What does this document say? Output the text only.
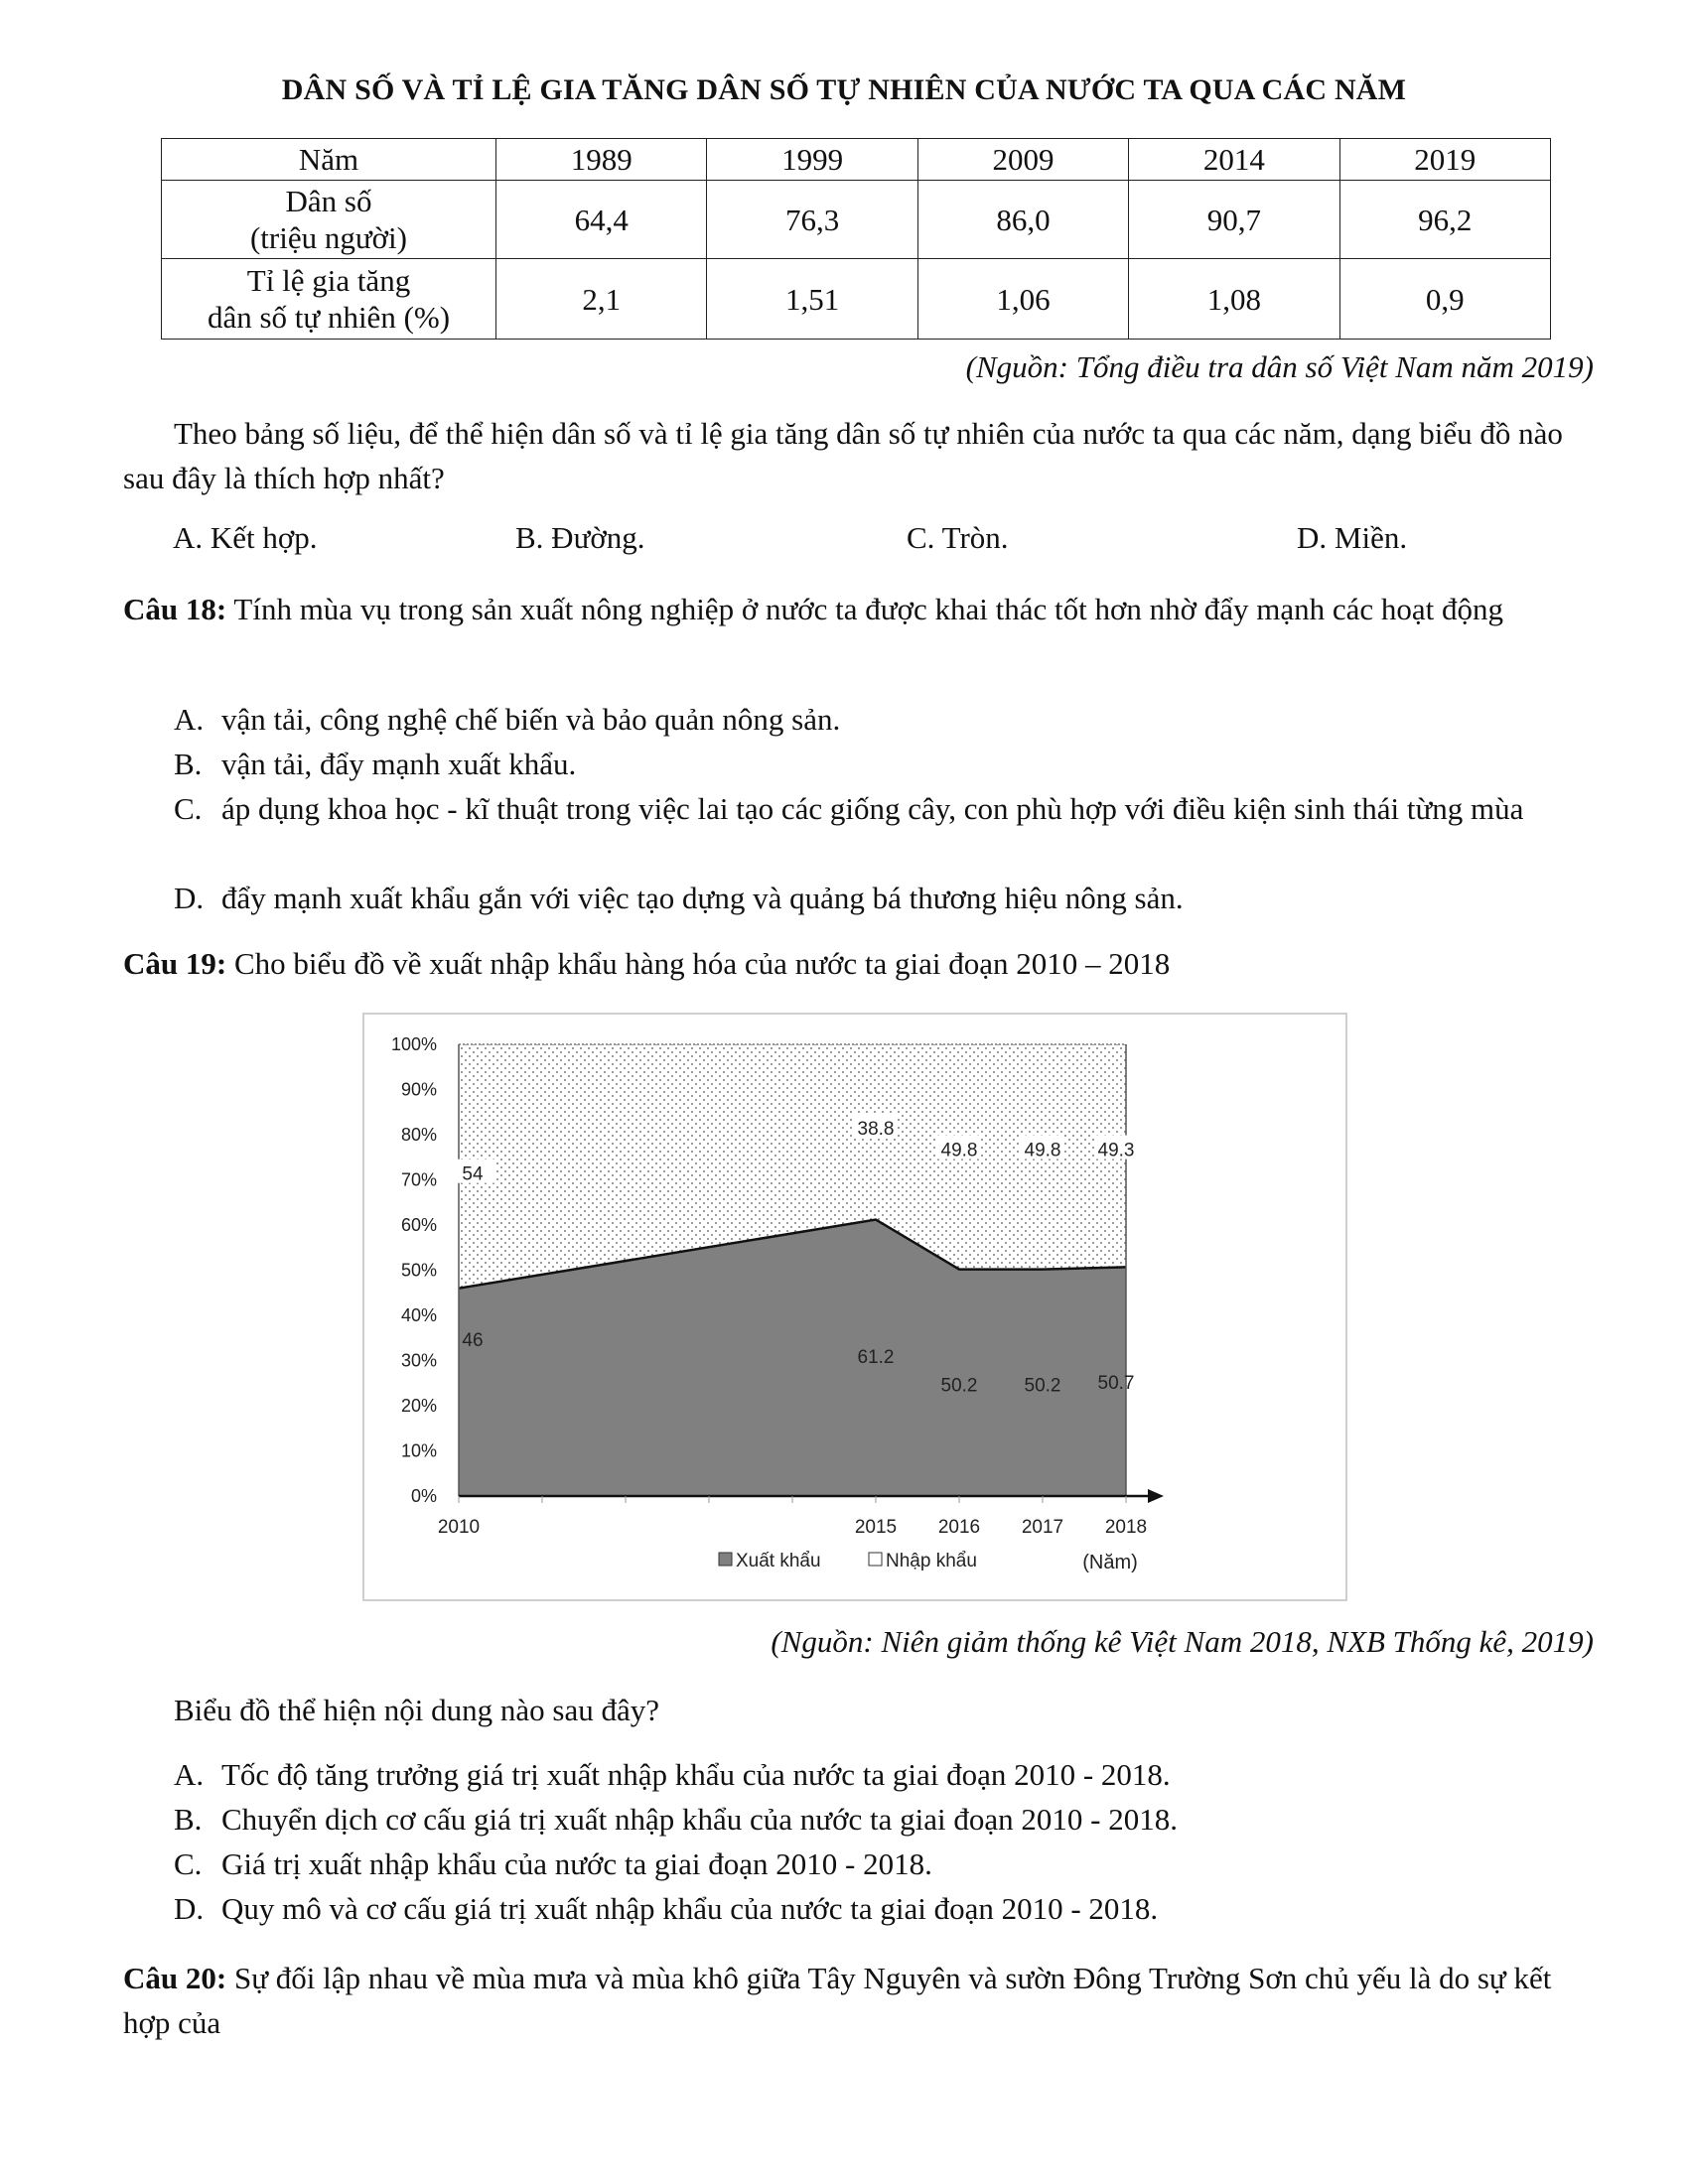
DÂN SỐ VÀ TỈ LỆ GIA TĂNG DÂN SỐ TỰ NHIÊN CỦA NƯỚC TA QUA CÁC NĂM
Năm	1989	1999	2009	2014	2019
Dân số
(triệu người)	64,4	76,3	86,0	90,7	96,2
Tỉ lệ gia tăng
dân số tự nhiên (%)	2,1	1,51	1,06	1,08	0,9

(Nguồn: Tổng điều tra dân số Việt Nam năm 2019)

Theo bảng số liệu, để thể hiện dân số và tỉ lệ gia tăng dân số tự nhiên của nước ta qua các năm, dạng biểu đồ nào sau đây là thích hợp nhất?

A. Kết hợp.	B. Đường.	C. Tròn.	D. Miền.

Câu 18: Tính mùa vụ trong sản xuất nông nghiệp ở nước ta được khai thác tốt hơn nhờ đẩy mạnh các hoạt động

A. vận tải, công nghệ chế biến và bảo quản nông sản.

B. vận tải, đẩy mạnh xuất khẩu.

C. áp dụng khoa học - kĩ thuật trong việc lai tạo các giống cây, con phù hợp với điều kiện sinh thái từng mùa

D. đẩy mạnh xuất khẩu gắn với việc tạo dựng và quảng bá thương hiệu nông sản.

Câu 19: Cho biểu đồ về xuất nhập khẩu hàng hóa của nước ta giai đoạn 2010 – 2018

0%
10%
20%
30%
40%
50%
60%
70%
80%
90%
100%
2010	2015 2016 2017 2018
(Năm)
46
54
61.2
38.8
50.2
49.8
50.2
49.8
50.7
49.3
Xuất khẩu	Nhập khẩu

(Nguồn: Niên giảm thống kê Việt Nam 2018, NXB Thống kê, 2019)

Biểu đồ thể hiện nội dung nào sau đây?

A. Tốc độ tăng trưởng giá trị xuất nhập khẩu của nước ta giai đoạn 2010 - 2018.

B. Chuyển dịch cơ cấu giá trị xuất nhập khẩu của nước ta giai đoạn 2010 - 2018.

C. Giá trị xuất nhập khẩu của nước ta giai đoạn 2010 - 2018.

D. Quy mô và cơ cấu giá trị xuất nhập khẩu của nước ta giai đoạn 2010 - 2018.

Câu 20: Sự đối lập nhau về mùa mưa và mùa khô giữa Tây Nguyên và sườn Đông Trường Sơn chủ yếu là do sự kết hợp của
